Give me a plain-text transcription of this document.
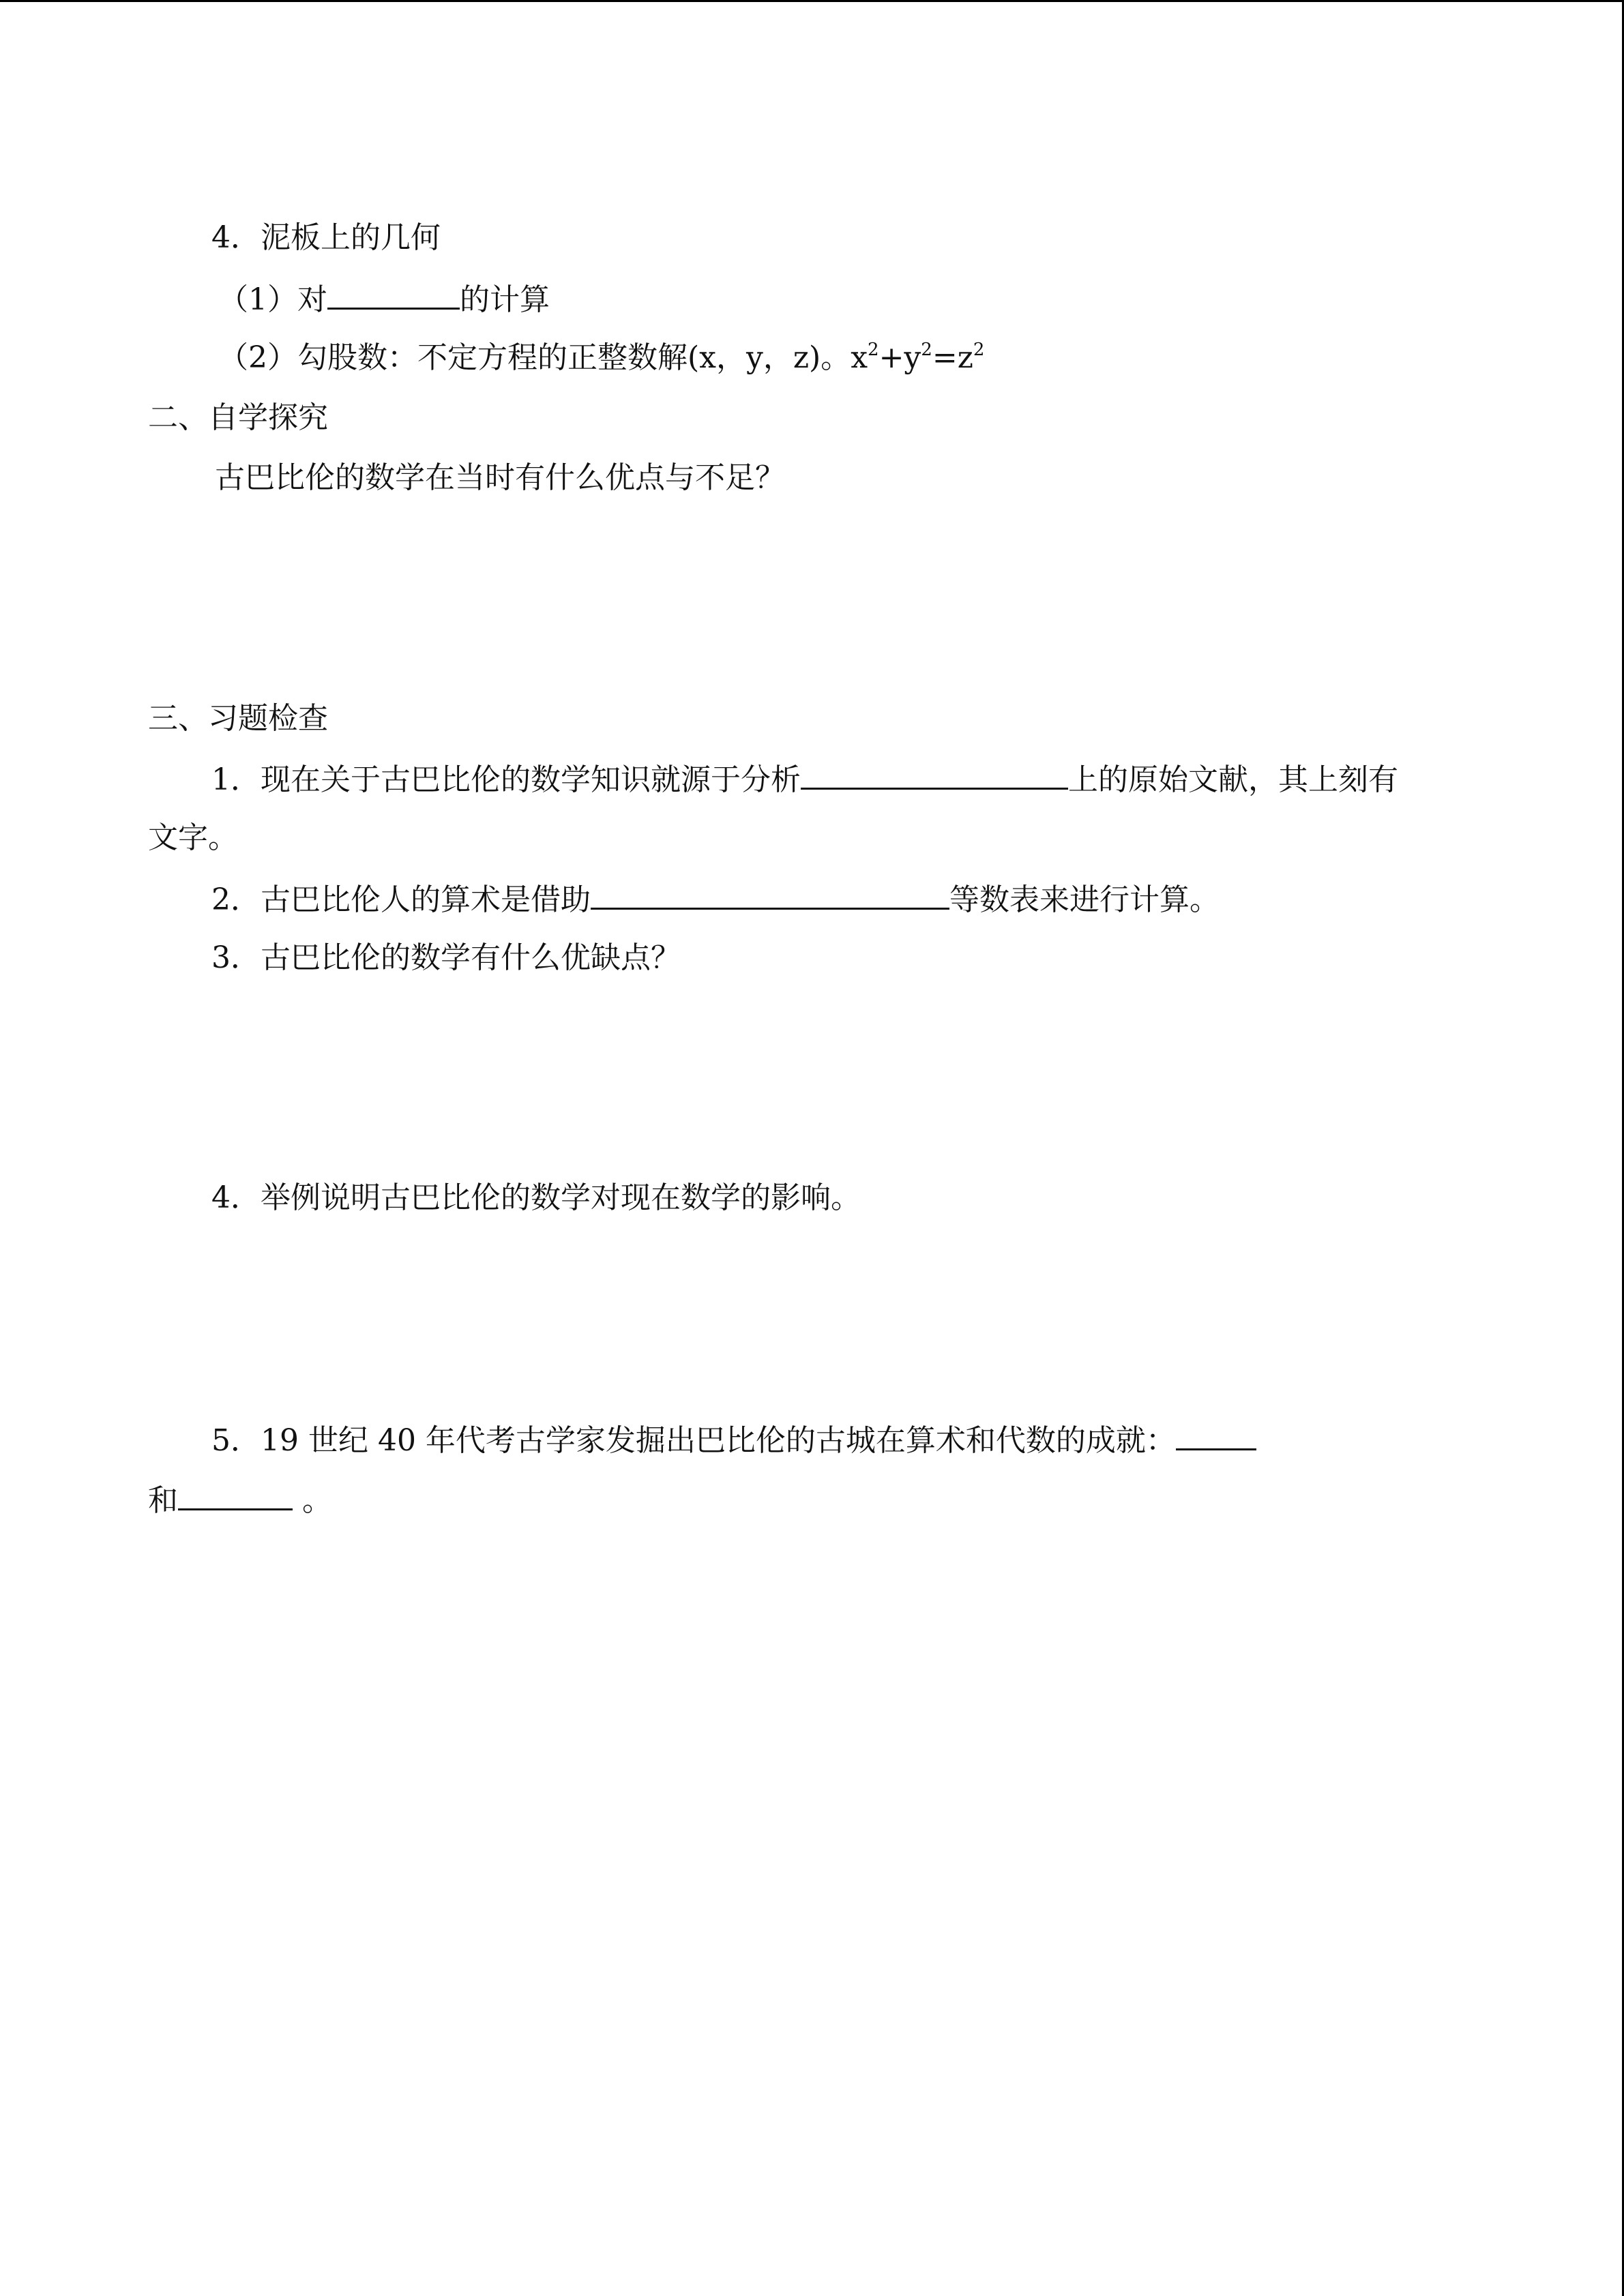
4．泥板上的几何
（1）对	的计算
（2）勾股数：不定方程的正整数解(x，y，z)。$x^2+y^2=z^2$
二、自学探究
古巴比伦的数学在当时有什么优点与不足？
三、习题检查
1．现在关于古巴比伦的数学知识就源于分析	上的原始文献，其上刻有
文字。
2．古巴比伦人的算术是借助	等数表来进行计算。
3．古巴比伦的数学有什么优缺点？
4．举例说明古巴比伦的数学对现在数学的影响。
5．19 世纪 40 年代考古学家发掘出巴比伦的古城在算术和代数的成就：
和	。
